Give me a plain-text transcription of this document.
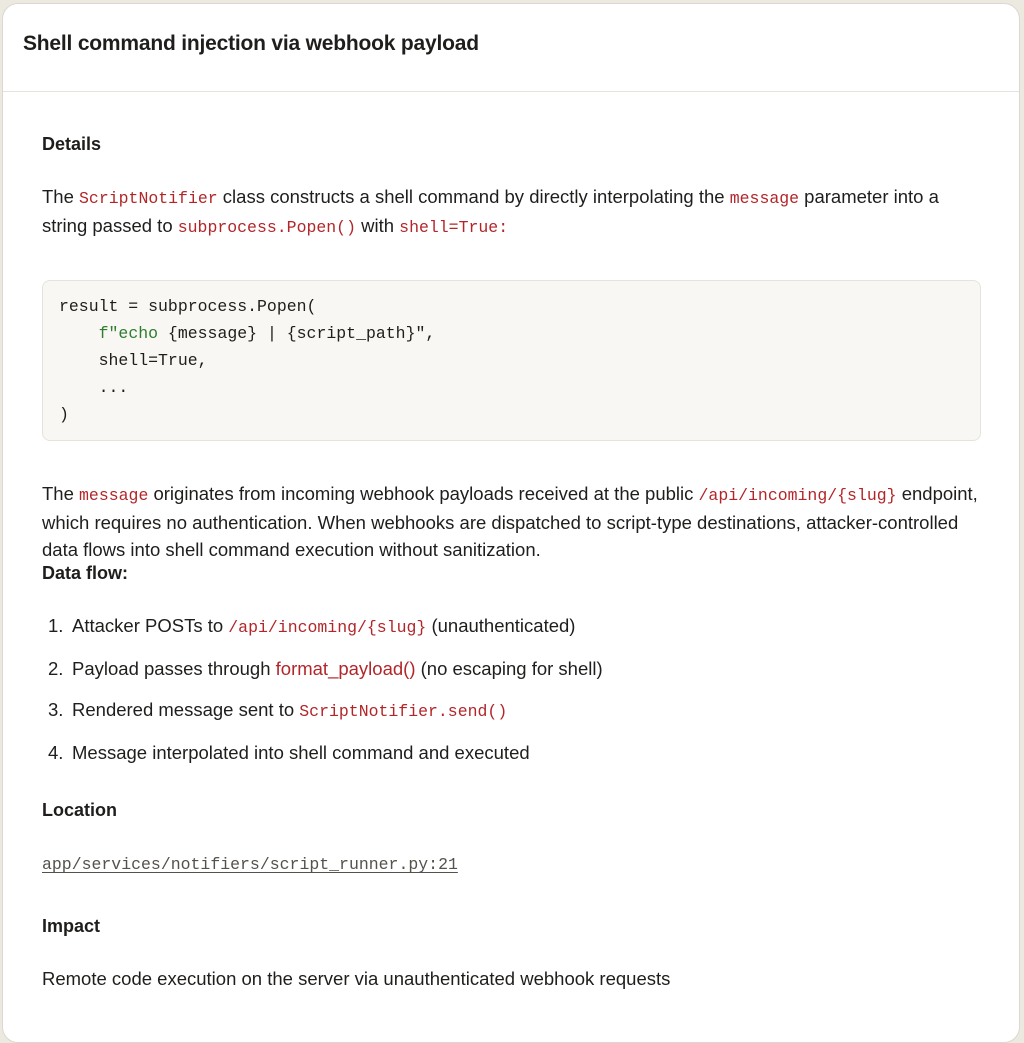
Shell command injection via webhook payload
Details

The ScriptNotifier class constructs a shell command by directly interpolating the message parameter into a string passed to subprocess.Popen() with shell=True:

result = subprocess.Popen(
f"echo {message} | {script_path}",
shell=True,
...
)

The message originates from incoming webhook payloads received at the public /api/incoming/{slug} endpoint, which requires no authentication. When webhooks are dispatched to script-type destinations, attacker-controlled data flows into shell command execution without sanitization.

Data flow:
1. Attacker POSTs to /api/incoming/{slug} (unauthenticated)
2. Payload passes through format_payload() (no escaping for shell)
3. Rendered message sent to ScriptNotifier.send()
4. Message interpolated into shell command and executed
Location
app/services/notifiers/script_runner.py:21
Impact

Remote code execution on the server via unauthenticated webhook requests
